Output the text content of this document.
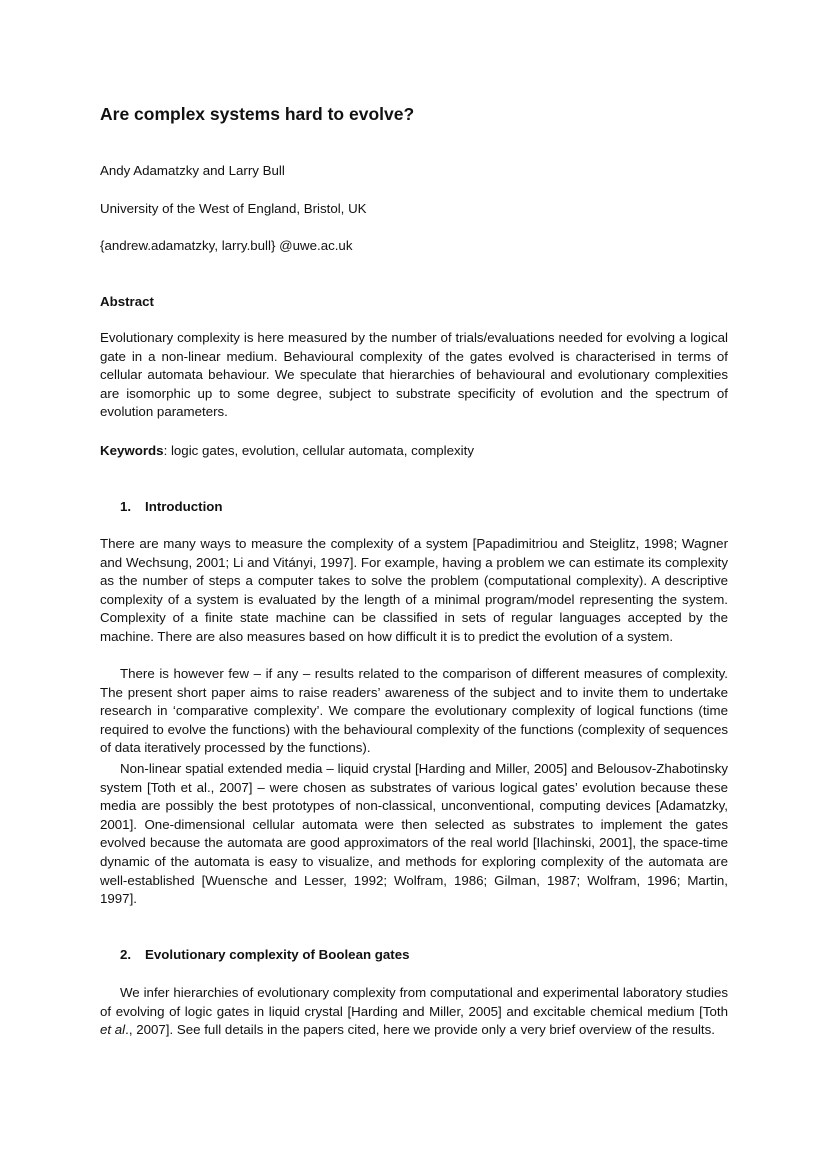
Are complex systems hard to evolve?
Andy Adamatzky and Larry Bull
University of the West of England, Bristol, UK
{andrew.adamatzky, larry.bull} @uwe.ac.uk
Abstract

Evolutionary complexity is here measured by the number of trials/evaluations needed for evolving a logical gate in a non-linear medium. Behavioural complexity of the gates evolved is characterised in terms of cellular automata behaviour. We speculate that hierarchies of behavioural and evolutionary complexities are isomorphic up to some degree, subject to substrate specificity of evolution and the spectrum of evolution parameters.

Keywords: logic gates, evolution, cellular automata, complexity

1. Introduction

There are many ways to measure the complexity of a system [Papadimitriou and Steiglitz, 1998; Wagner and Wechsung, 2001; Li and Vitányi, 1997]. For example, having a problem we can estimate its complexity as the number of steps a computer takes to solve the problem (computational complexity). A descriptive complexity of a system is evaluated by the length of a minimal program/model representing the system. Complexity of a finite state machine can be classified in sets of regular languages accepted by the machine. There are also measures based on how difficult it is to predict the evolution of a system.

There is however few – if any – results related to the comparison of different measures of complexity. The present short paper aims to raise readers’ awareness of the subject and to invite them to undertake research in ‘comparative complexity’. We compare the evolutionary complexity of logical functions (time required to evolve the functions) with the behavioural complexity of the functions (complexity of sequences of data iteratively processed by the functions).

Non-linear spatial extended media – liquid crystal [Harding and Miller, 2005] and Belousov-Zhabotinsky system [Toth et al., 2007] – were chosen as substrates of various logical gates’ evolution because these media are possibly the best prototypes of non-classical, unconventional, computing devices [Adamatzky, 2001]. One-dimensional cellular automata were then selected as substrates to implement the gates evolved because the automata are good approximators of the real world [Ilachinski, 2001], the space-time dynamic of the automata is easy to visualize, and methods for exploring complexity of the automata are well-established [Wuensche and Lesser, 1992; Wolfram, 1986; Gilman, 1987; Wolfram, 1996; Martin, 1997].

2. Evolutionary complexity of Boolean gates

We infer hierarchies of evolutionary complexity from computational and experimental laboratory studies of evolving of logic gates in liquid crystal [Harding and Miller, 2005] and excitable chemical medium [Toth et al., 2007]. See full details in the papers cited, here we provide only a very brief overview of the results.
